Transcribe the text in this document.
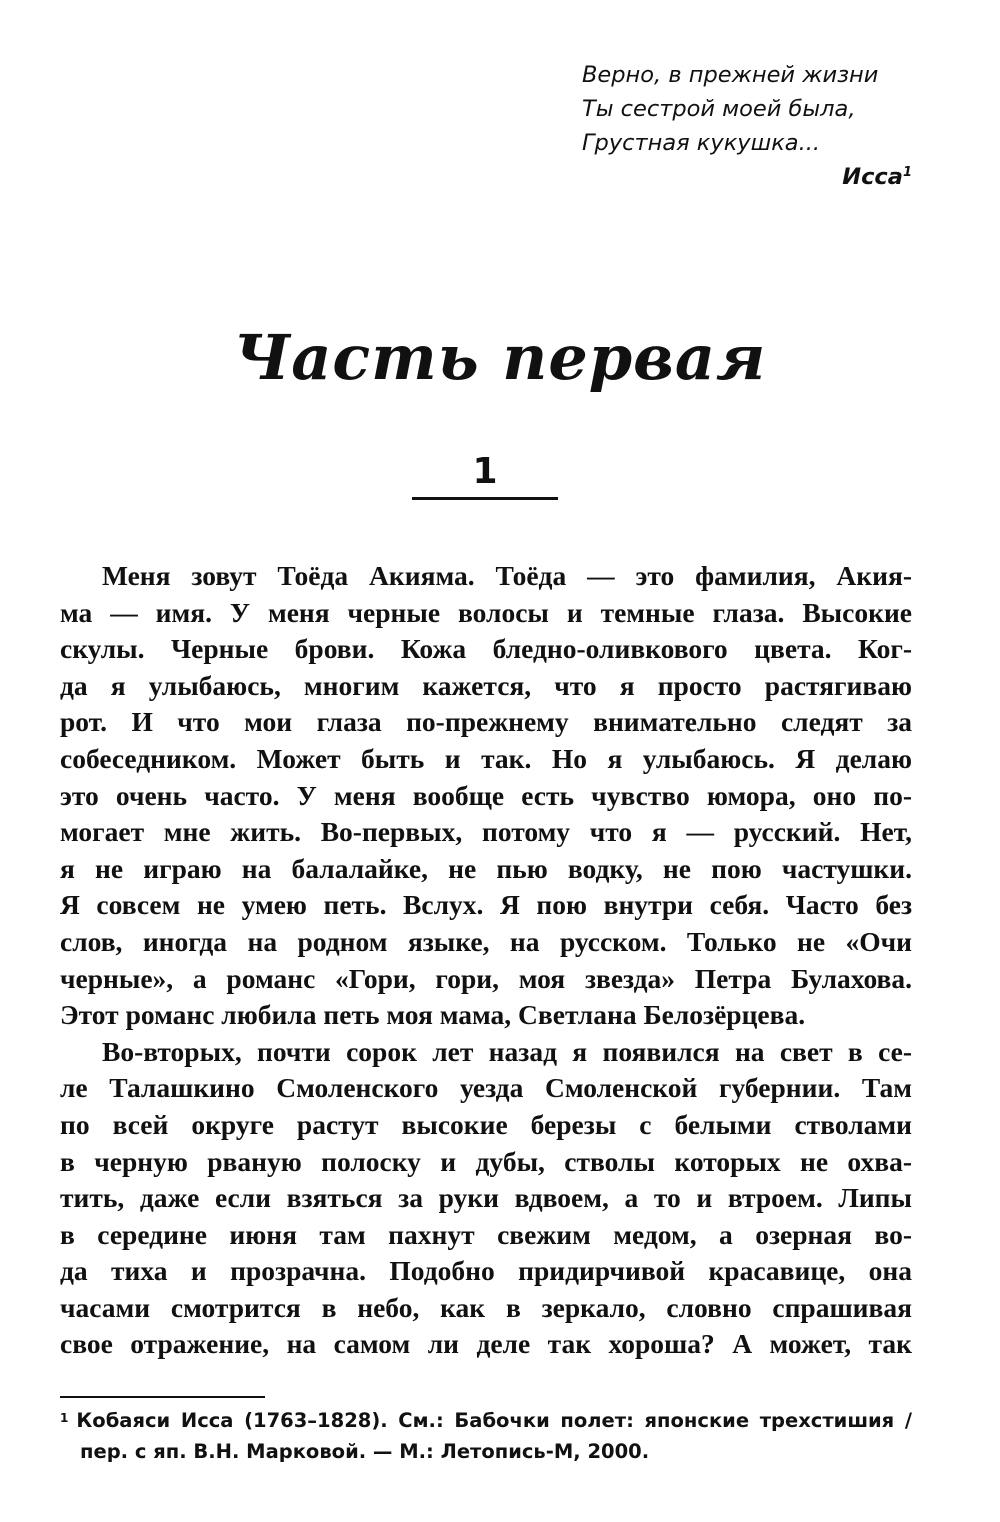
Верно, в прежней жизни
Ты сестрой моей была,
Грустная кукушка...
Исса$^1$
Часть первая
1
Меня зовут Тоёда Акияма. Тоёда — это фамилия, Акия-
ма — имя. У меня черные волосы и темные глаза. Высокие
скулы. Черные брови. Кожа бледно-оливкового цвета. Ког-
да я улыбаюсь, многим кажется, что я просто растягиваю
рот. И что мои глаза по-прежнему внимательно следят за
собеседником. Может быть и так. Но я улыбаюсь. Я делаю
это очень часто. У меня вообще есть чувство юмора, оно по-
могает мне жить. Во-первых, потому что я — русский. Нет,
я не играю на балалайке, не пью водку, не пою частушки.
Я совсем не умею петь. Вслух. Я пою внутри себя. Часто без
слов, иногда на родном языке, на русском. Только не «Очи
черные», а романс «Гори, гори, моя звезда» Петра Булахова.
Этот романс любила петь моя мама, Светлана Белозёрцева.
Во-вторых, почти сорок лет назад я появился на свет в се-
ле Талашкино Смоленского уезда Смоленской губернии. Там
по всей округе растут высокие березы с белыми стволами
в черную рваную полоску и дубы, стволы которых не охва-
тить, даже если взяться за руки вдвоем, а то и втроем. Липы
в середине июня там пахнут свежим медом, а озерная во-
да тиха и прозрачна. Подобно придирчивой красавице, она
часами смотрится в небо, как в зеркало, словно спрашивая
свое отражение, на самом ли деле так хороша? А может, так
$^1$ Кобаяси Исса (1763–1828). См.: Бабочки полет: японские трехстишия /
пер. с яп. В.Н. Марковой. — М.: Летопись-М, 2000.
